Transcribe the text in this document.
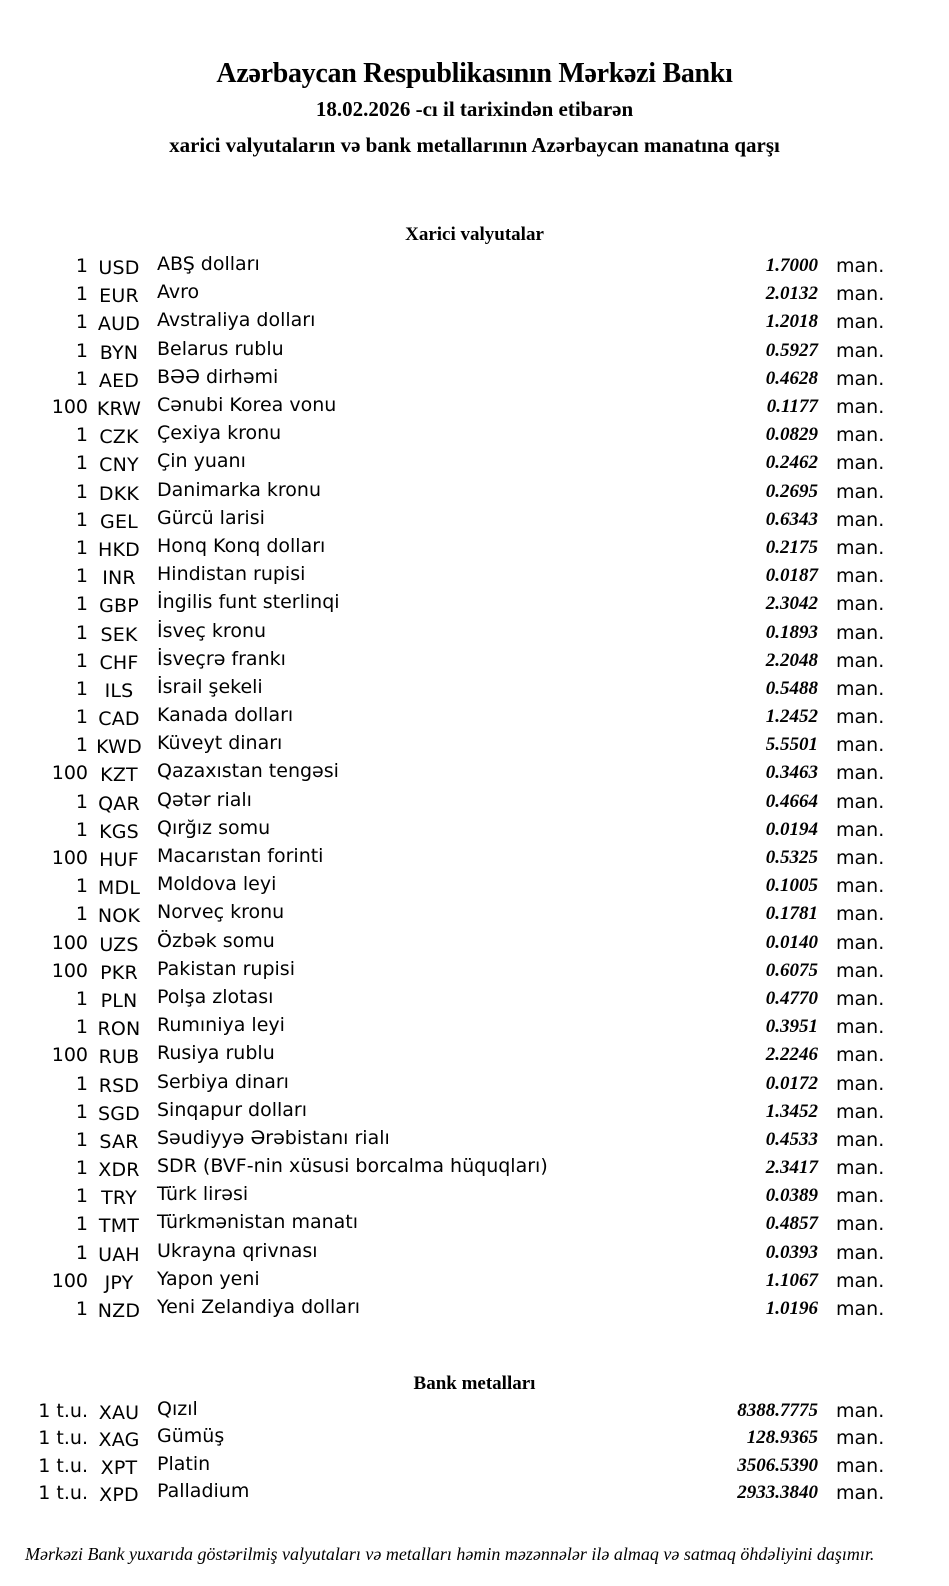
Azərbaycan Respublikasının Mərkəzi Bankı
18.02.2026 -cı il tarixindən etibarən
xarici valyutaların və bank metallarının Azərbaycan manatına qarşı
Xarici valyutalar
1 USD ABŞ dolları	1.7000 man.
1 EUR Avro	2.0132 man.
1 AUD Avstraliya dolları	1.2018 man.
1 BYN Belarus rublu	0.5927 man.
1 AED BƏƏ dirhəmi	0.4628 man.
100 KRW Cənubi Korea vonu	0.1177 man.
1 CZK Çexiya kronu	0.0829 man.
1 CNY Çin yuanı	0.2462 man.
1 DKK Danimarka kronu	0.2695 man.
1 GEL	Gürcü larisi	0.6343 man.
1 HKD Honq Konq dolları	0.2175 man.
1 INR	Hindistan rupisi	0.0187 man.
1 GBP İngilis funt sterlinqi	2.3042 man.
1 SEK	İsveç kronu	0.1893 man.
1 CHF İsveçrə frankı	2.2048 man.
1 ILS	İsrail şekeli	0.5488 man.
1 CAD Kanada dolları	1.2452 man.
1 KWD Küveyt dinarı	5.5501 man.
100 KZT	Qazaxıstan tengəsi	0.3463 man.
1 QAR Qətər rialı	0.4664 man.
1 KGS Qırğız somu	0.0194 man.
100 HUF Macarıstan forinti	0.5325 man.
1 MDL Moldova leyi	0.1005 man.
1 NOK Norveç kronu	0.1781 man.
100 UZS Özbək somu	0.0140 man.
100 PKR	Pakistan rupisi	0.6075 man.
1 PLN	Polşa zlotası	0.4770 man.
1 RON Rumıniya leyi	0.3951 man.
100 RUB Rusiya rublu	2.2246 man.
1 RSD Serbiya dinarı	0.0172 man.
1 SGD Sinqapur dolları	1.3452 man.
1 SAR Səudiyyə Ərəbistanı rialı	0.4533 man.
1 XDR SDR (BVF-nin xüsusi borcalma hüquqları)	2.3417 man.
1 TRY	Türk lirəsi	0.0389 man.
1 TMT Türkmənistan manatı	0.4857 man.
1 UAH Ukrayna qrivnası	0.0393 man.
100 JPY	Yapon yeni	1.1067 man.
1 NZD Yeni Zelandiya dolları	1.0196 man.
Bank metalları
1 t.u. XAU Qızıl	8388.7775 man.
1 t.u. XAG Gümüş	128.9365 man.
1 t.u. XPT	Platin	3506.5390 man.
1 t.u. XPD Palladium	2933.3840 man.
Mərkəzi Bank yuxarıda göstərilmiş valyutaları və metalları həmin məzənnələr ilə almaq və satmaq öhdəliyini daşımır.
